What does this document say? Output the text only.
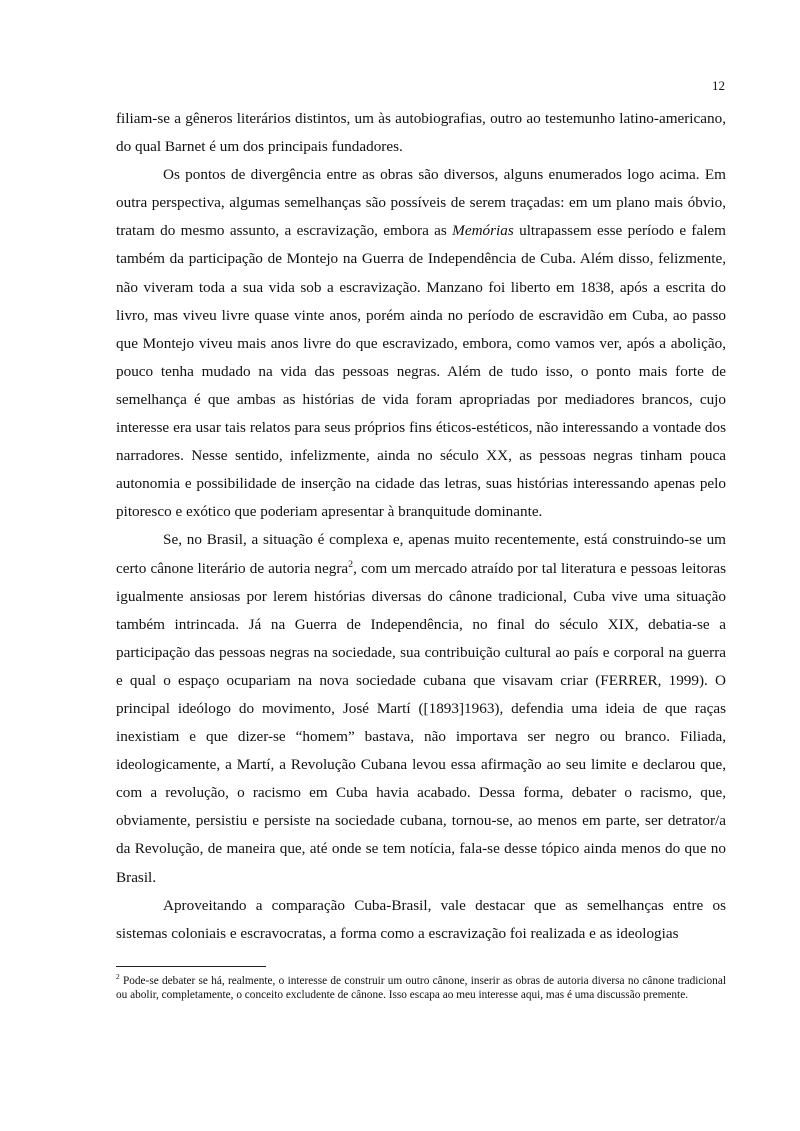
12

filiam-se a gêneros literários distintos, um às autobiografias, outro ao testemunho latino-americano, do qual Barnet é um dos principais fundadores.

Os pontos de divergência entre as obras são diversos, alguns enumerados logo acima. Em outra perspectiva, algumas semelhanças são possíveis de serem traçadas: em um plano mais óbvio, tratam do mesmo assunto, a escravização, embora as Memórias ultrapassem esse período e falem também da participação de Montejo na Guerra de Independência de Cuba. Além disso, felizmente, não viveram toda a sua vida sob a escravização. Manzano foi liberto em 1838, após a escrita do livro, mas viveu livre quase vinte anos, porém ainda no período de escravidão em Cuba, ao passo que Montejo viveu mais anos livre do que escravizado, embora, como vamos ver, após a abolição, pouco tenha mudado na vida das pessoas negras. Além de tudo isso, o ponto mais forte de semelhança é que ambas as histórias de vida foram apropriadas por mediadores brancos, cujo interesse era usar tais relatos para seus próprios fins éticos-estéticos, não interessando a vontade dos narradores. Nesse sentido, infelizmente, ainda no século XX, as pessoas negras tinham pouca autonomia e possibilidade de inserção na cidade das letras, suas histórias interessando apenas pelo pitoresco e exótico que poderiam apresentar à branquitude dominante.

Se, no Brasil, a situação é complexa e, apenas muito recentemente, está construindo-se um certo cânone literário de autoria negra$^2$, com um mercado atraído por tal literatura e pessoas leitoras igualmente ansiosas por lerem histórias diversas do cânone tradicional, Cuba vive uma situação também intrincada. Já na Guerra de Independência, no final do século XIX, debatia-se a participação das pessoas negras na sociedade, sua contribuição cultural ao país e corporal na guerra e qual o espaço ocupariam na nova sociedade cubana que visavam criar (FERRER, 1999). O principal ideólogo do movimento, José Martí ([1893]1963), defendia uma ideia de que raças inexistiam e que dizer-se “homem” bastava, não importava ser negro ou branco. Filiada, ideologicamente, a Martí, a Revolução Cubana levou essa afirmação ao seu limite e declarou que, com a revolução, o racismo em Cuba havia acabado. Dessa forma, debater o racismo, que, obviamente, persistiu e persiste na sociedade cubana, tornou-se, ao menos em parte, ser detrator/a da Revolução, de maneira que, até onde se tem notícia, fala-se desse tópico ainda menos do que no Brasil.

Aproveitando a comparação Cuba-Brasil, vale destacar que as semelhanças entre os sistemas coloniais e escravocratas, a forma como a escravização foi realizada e as ideologias

$^2$ Pode-se debater se há, realmente, o interesse de construir um outro cânone, inserir as obras de autoria diversa no cânone tradicional ou abolir, completamente, o conceito excludente de cânone. Isso escapa ao meu interesse aqui, mas é uma discussão premente.
